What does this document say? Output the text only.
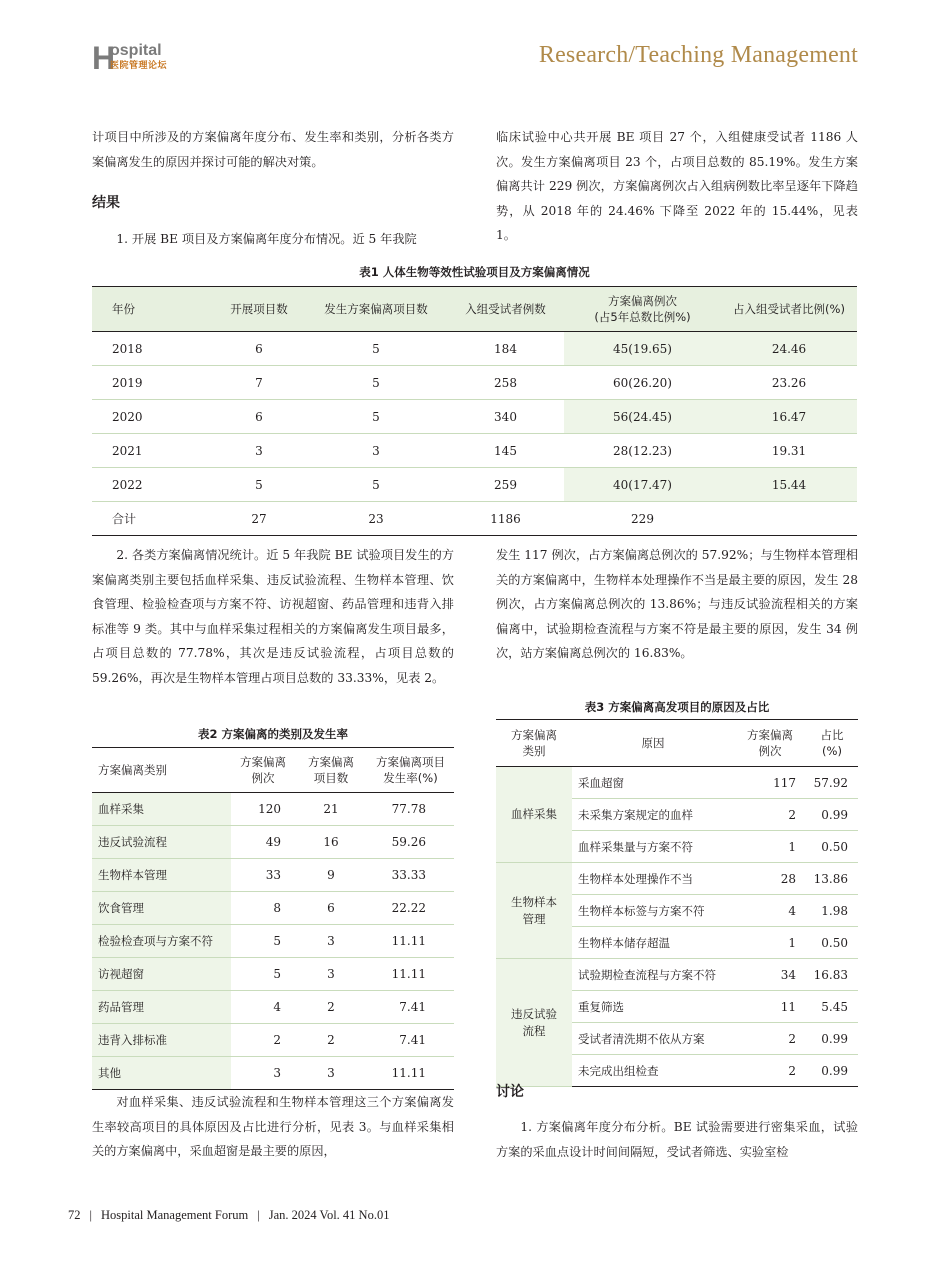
H
ospital
医院管理论坛	Research/Teaching Management

计项目中所涉及的方案偏离年度分布、发生率和类别，分析各类方案偏离发生的原因并探讨可能的解决对策。

结果

1. 开展 BE 项目及方案偏离年度分布情况。近 5 年我院

临床试验中心共开展 BE 项目 27 个，入组健康受试者 1186 人次。发生方案偏离项目 23 个，占项目总数的 85.19%。发生方案偏离共计 229 例次，方案偏离例次占入组病例数比率呈逐年下降趋势，从 2018 年的 24.46% 下降至 2022 年的 15.44%，见表 1。

表1 人体生物等效性试验项目及方案偏离情况

年份	开展项目数	发生方案偏离项目数	入组受试者例数	方案偏离例次
(占5年总数比例%)	占入组受试者比例(%)
2018	6	5	184	45(19.65)	24.46
2019	7	5	258	60(26.20)	23.26
2020	6	5	340	56(24.45)	16.47
2021	3	3	145	28(12.23)	19.31
2022	5	5	259	40(17.47)	15.44
合计	27	23	1186	229	

2. 各类方案偏离情况统计。近 5 年我院 BE 试验项目发生的方案偏离类别主要包括血样采集、违反试验流程、生物样本管理、饮食管理、检验检查项与方案不符、访视超窗、药品管理和违背入排标准等 9 类。其中与血样采集过程相关的方案偏离发生项目最多，占项目总数的 77.78%，其次是违反试验流程，占项目总数的 59.26%，再次是生物样本管理占项目总数的 33.33%，见表 2。

表2 方案偏离的类别及发生率

方案偏离类别	方案偏离
例次	方案偏离
项目数	方案偏离项目
发生率(%)
血样采集	120	21	77.78
违反试验流程	49	16	59.26
生物样本管理	33	9	33.33
饮食管理	8	6	22.22
检验检查项与方案不符	5	3	11.11
访视超窗	5	3	11.11
药品管理	4	2	7.41
违背入排标准	2	2	7.41
其他	3	3	11.11

对血样采集、违反试验流程和生物样本管理这三个方案偏离发生率较高项目的具体原因及占比进行分析，见表 3。与血样采集相关的方案偏离中，采血超窗是最主要的原因，

发生 117 例次，占方案偏离总例次的 57.92%；与生物样本管理相关的方案偏离中，生物样本处理操作不当是最主要的原因，发生 28 例次，占方案偏离总例次的 13.86%；与违反试验流程相关的方案偏离中，试验期检查流程与方案不符是最主要的原因，发生 34 例次，站方案偏离总例次的 16.83%。

表3 方案偏离高发项目的原因及占比

方案偏离
类别	原因	方案偏离
例次	占比
(%)
血样采集	采血超窗	117	57.92
	未采集方案规定的血样	2	0.99
	血样采集量与方案不符	1	0.50
生物样本
管理	生物样本处理操作不当	28	13.86
	生物样本标签与方案不符	4	1.98
	生物样本储存超温	1	0.50
违反试验
流程	试验期检查流程与方案不符	34	16.83
	重复筛选	11	5.45
	受试者清洗期不依从方案	2	0.99
	未完成出组检查	2	0.99
讨论

1. 方案偏离年度分布分析。BE 试验需要进行密集采血，试验方案的采血点设计时间间隔短，受试者筛选、实验室检

72 | Hospital Management Forum | Jan. 2024 Vol. 41 No.01
